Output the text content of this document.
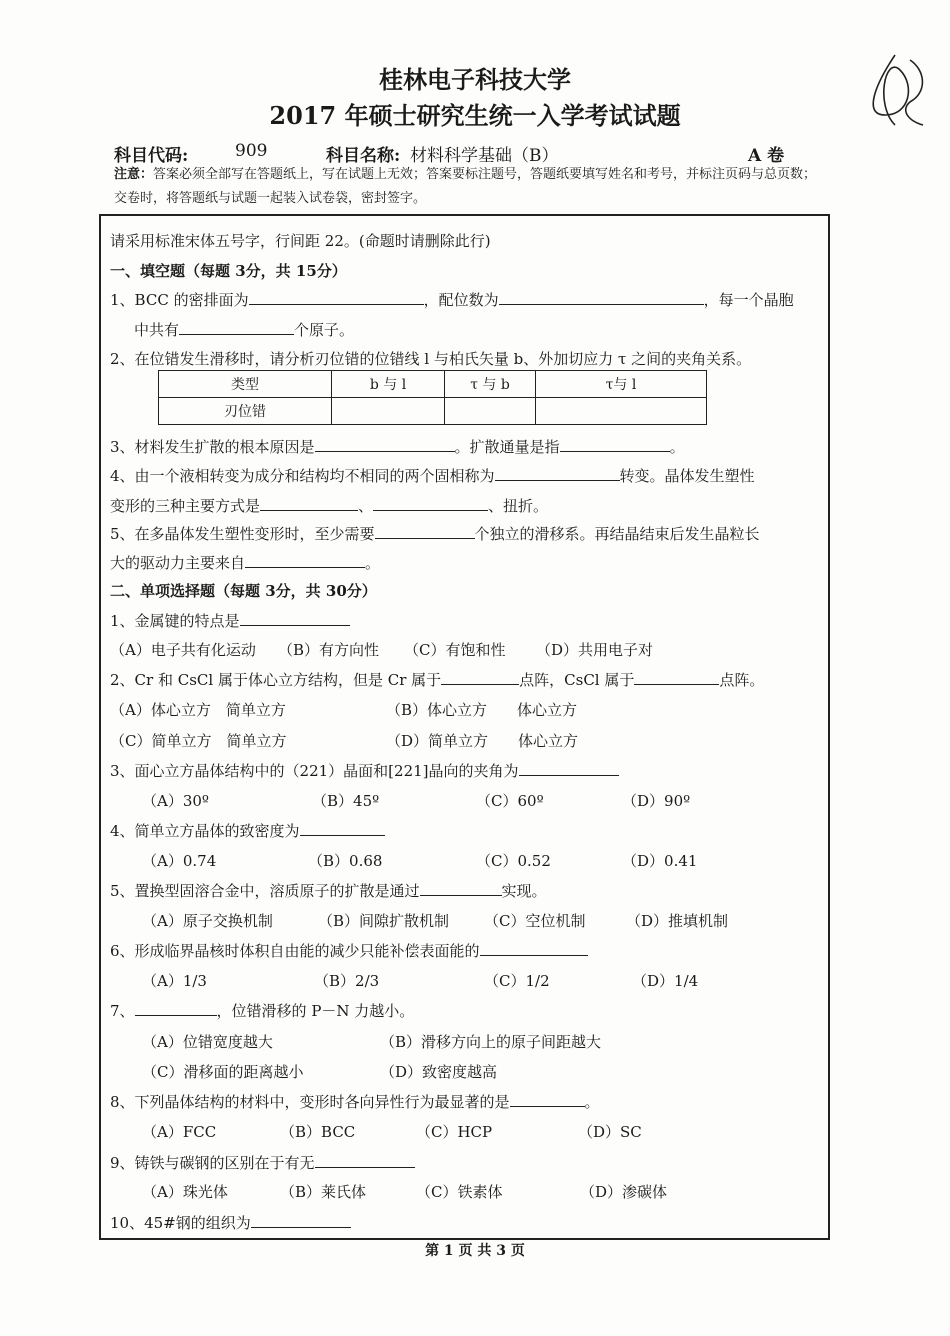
桂林电子科技大学
2017 年硕士研究生统一入学考试试题
科目代码:	909	科目名称: 材料科学基础（B）	A 卷
注意：答案必须全部写在答题纸上，写在试题上无效；答案要标注题号，答题纸要填写姓名和考号，并标注页码与总页数；交卷时，将答题纸与试题一起装入试卷袋，密封签字。
请采用标准宋体五号字，行间距 22。(命题时请删除此行)
一、填空题（每题 3分，共 15分）
1、BCC 的密排面为	，配位数为	，每一个晶胞
中共有	个原子。
2、在位错发生滑移时，请分析刃位错的位错线 l 与柏氏矢量 b、外加切应力 τ 之间的夹角关系。
类型	b 与 l	τ 与 b	τ与 l
刃位错			
3、材料发生扩散的根本原因是	。扩散通量是指	。
4、由一个液相转变为成分和结构均不相同的两个固相称为	转变。晶体发生塑性
变形的三种主要方式是	、	、扭折。
5、在多晶体发生塑性变形时，至少需要	个独立的滑移系。再结晶结束后发生晶粒长
大的驱动力主要来自	。
二、单项选择题（每题 3分，共 30分）
1、金属键的特点是
（A）电子共有化运动 （B）有方向性 （C）有饱和性 （D）共用电子对
2、Cr 和 CsCl 属于体心立方结构，但是 Cr 属于	点阵，CsCl 属于	点阵。
（A）体心立方　简单立方	（B）体心立方　　体心立方
（C）简单立方　简单立方	（D）简单立方　　体心立方
3、面心立方晶体结构中的（221）晶面和[221]晶向的夹角为
（A）30º	（B）45º	（C）60º	（D）90º
4、简单立方晶体的致密度为
（A）0.74	（B）0.68	（C）0.52	（D）0.41
5、置换型固溶合金中，溶质原子的扩散是通过	实现。
（A）原子交换机制	（B）间隙扩散机制 （C）空位机制	（D）推填机制
6、形成临界晶核时体积自由能的减少只能补偿表面能的
（A）1/3	（B）2/3	（C）1/2	（D）1/4
7、	，位错滑移的 P－N 力越小。
（A）位错宽度越大	（B）滑移方向上的原子间距越大
（C）滑移面的距离越小	（D）致密度越高
8、下列晶体结构的材料中，变形时各向异性行为最显著的是	。
（A）FCC	（B）BCC	（C）HCP	（D）SC
9、铸铁与碳钢的区别在于有无
（A）珠光体	（B）莱氏体	（C）铁素体	（D）渗碳体
10、45#钢的组织为
第 1 页 共 3 页
